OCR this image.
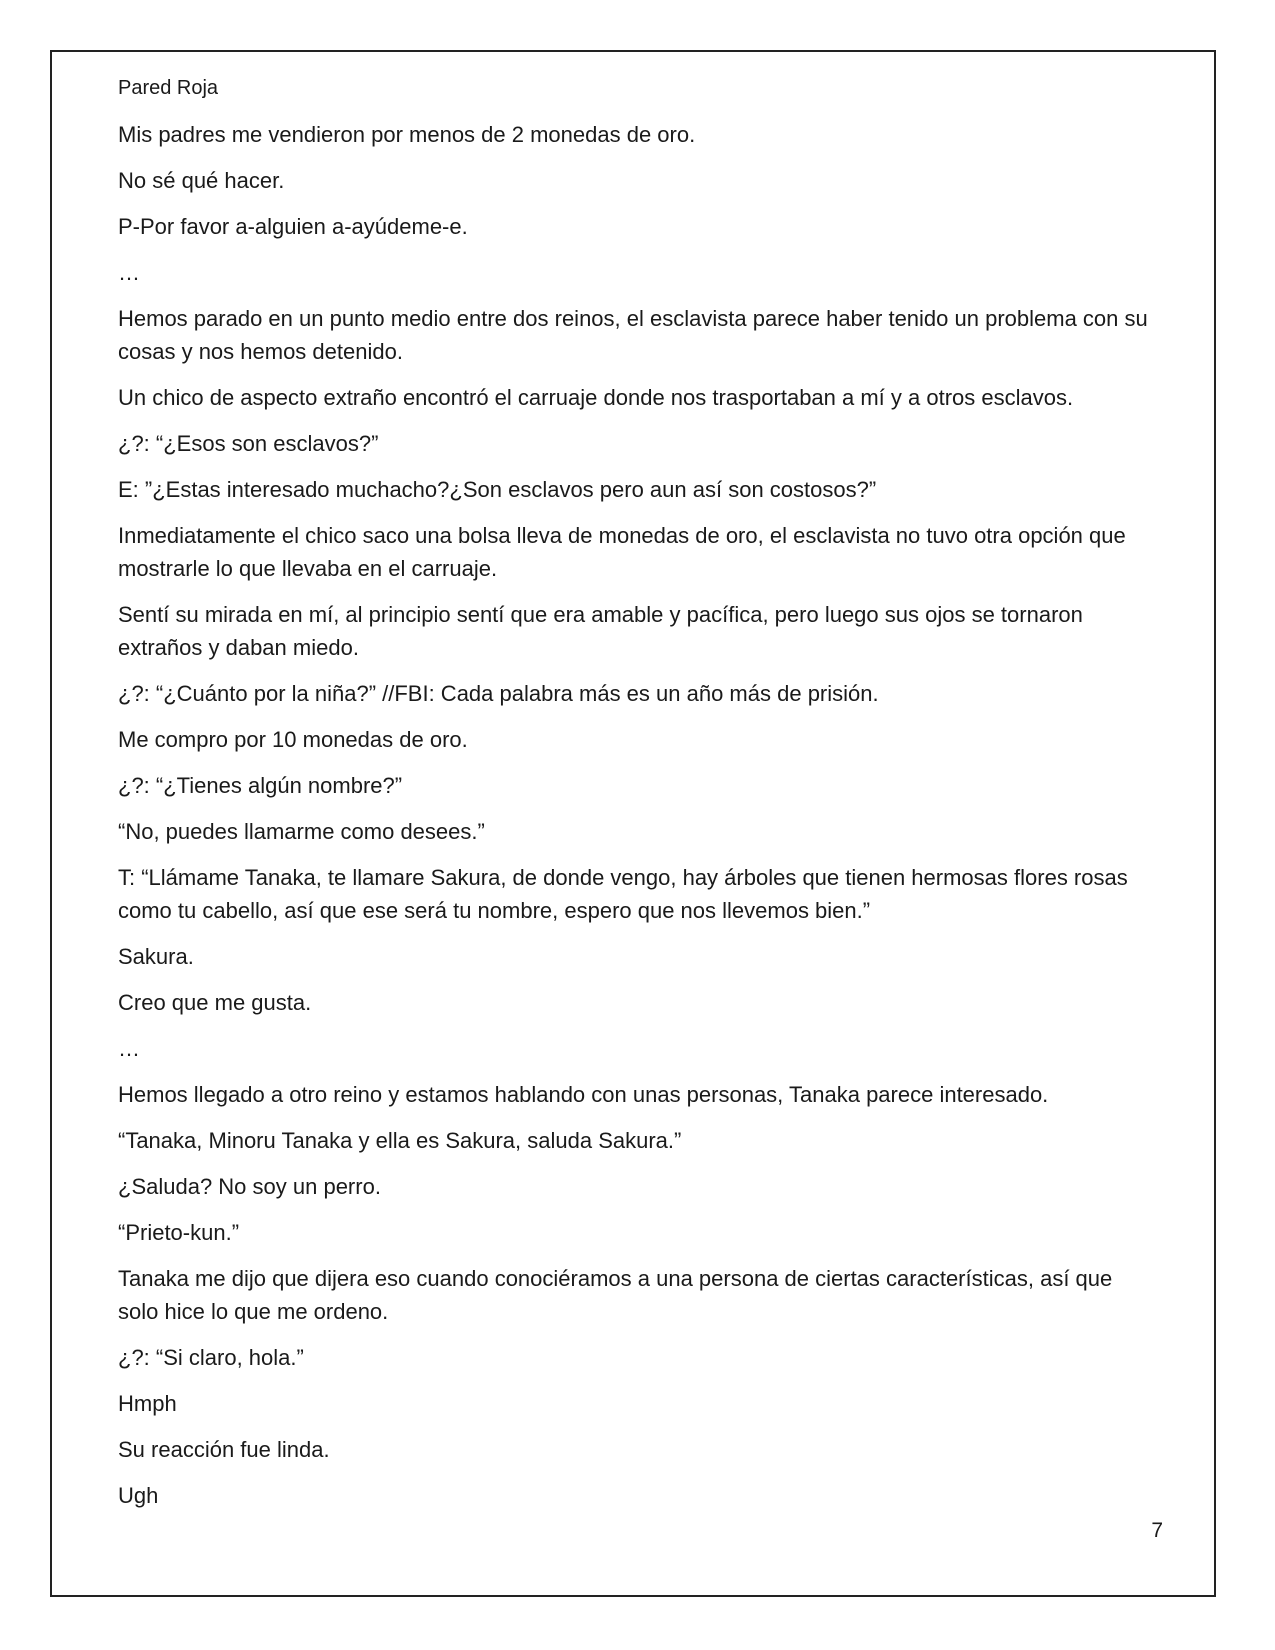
Pared Roja

Mis padres me vendieron por menos de 2 monedas de oro.

No sé qué hacer.

P-Por favor a-alguien a-ayúdeme-e.

…

Hemos parado en un punto medio entre dos reinos, el esclavista parece haber tenido un problema con su cosas y nos hemos detenido.

Un chico de aspecto extraño encontró el carruaje donde nos trasportaban a mí y a otros esclavos.

¿?: “¿Esos son esclavos?”

E: ”¿Estas interesado muchacho?¿Son esclavos pero aun así son costosos?”

Inmediatamente el chico saco una bolsa lleva de monedas de oro, el esclavista no tuvo otra opción que mostrarle lo que llevaba en el carruaje.

Sentí su mirada en mí, al principio sentí que era amable y pacífica, pero luego sus ojos se tornaron extraños y daban miedo.

¿?: “¿Cuánto por la niña?” //FBI: Cada palabra más es un año más de prisión.

Me compro por 10 monedas de oro.

¿?: “¿Tienes algún nombre?”

“No, puedes llamarme como desees.”

T: “Llámame Tanaka, te llamare Sakura, de donde vengo, hay árboles que tienen hermosas flores rosas como tu cabello, así que ese será tu nombre, espero que nos llevemos bien.”

Sakura.

Creo que me gusta.

…

Hemos llegado a otro reino y estamos hablando con unas personas, Tanaka parece interesado.

“Tanaka, Minoru Tanaka y ella es Sakura, saluda Sakura.”

¿Saluda? No soy un perro.

“Prieto-kun.”

Tanaka me dijo que dijera eso cuando conociéramos a una persona de ciertas características, así que solo hice lo que me ordeno.

¿?: “Si claro, hola.”

Hmph

Su reacción fue linda.

Ugh

7
